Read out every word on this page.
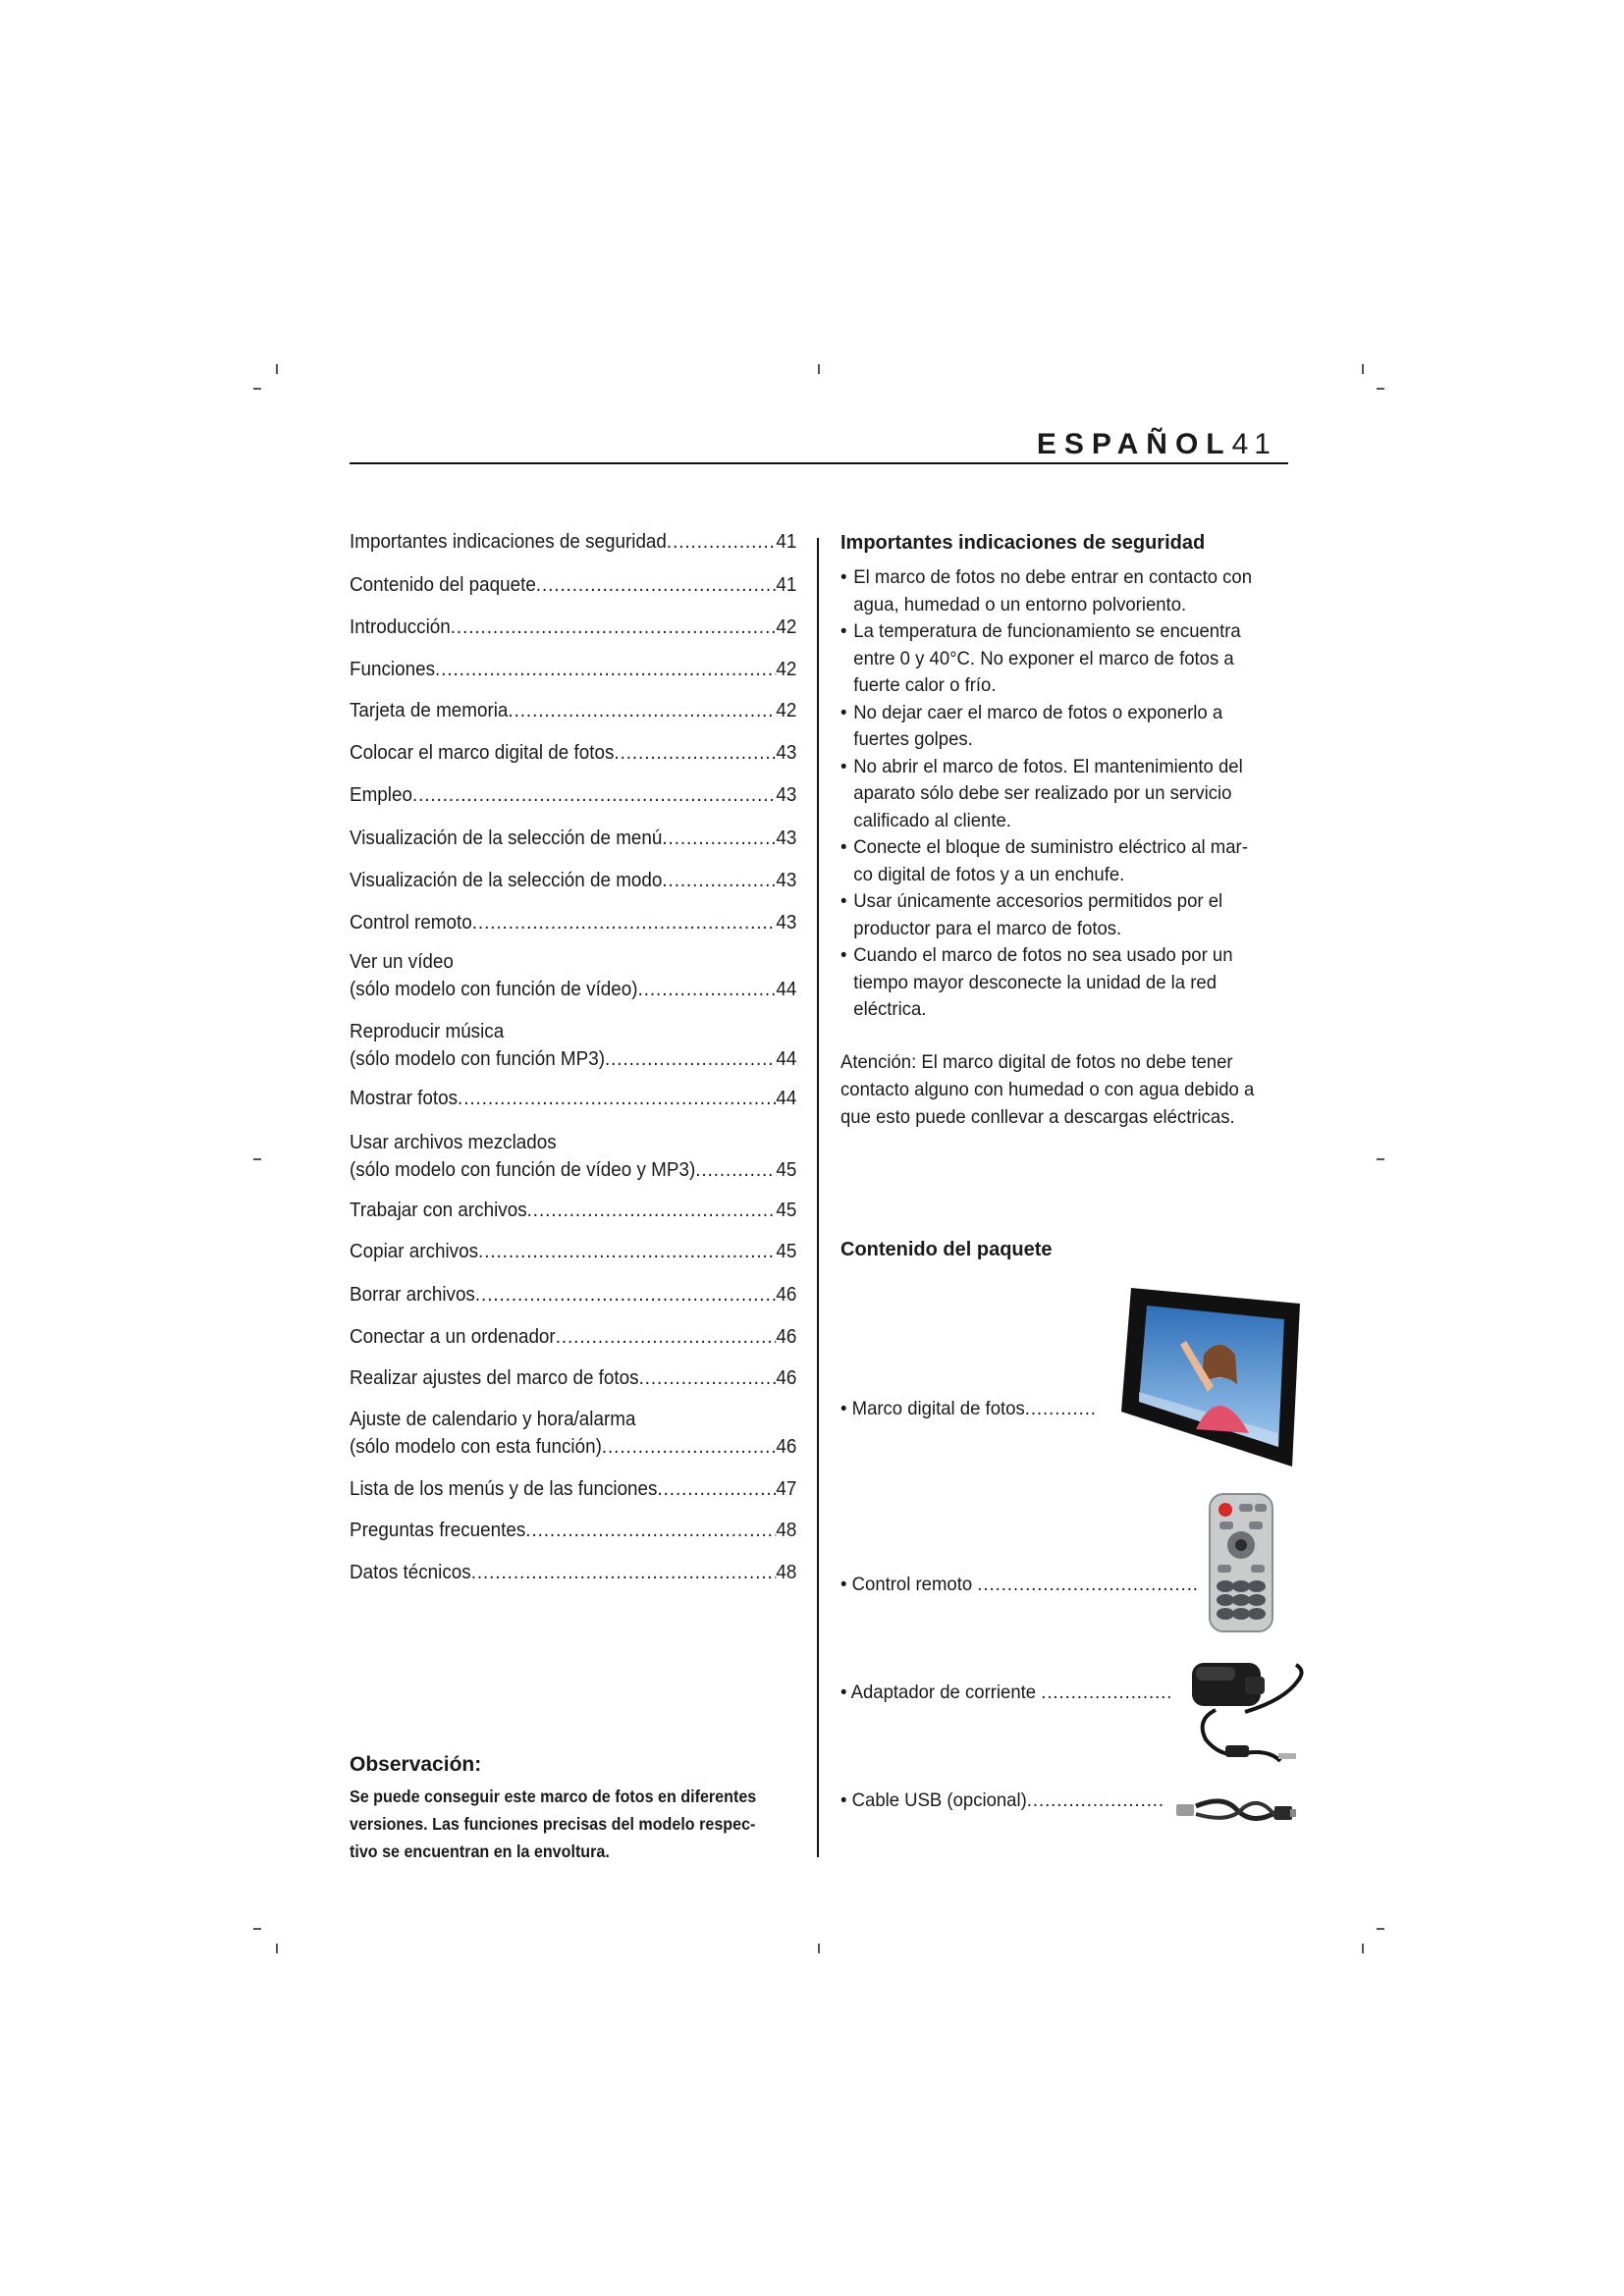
ESPAÑOL41
Importantes indicaciones de seguridad .....	41
Contenido del paquete .....	41
Introducción .....	42
Funciones .....	42
Tarjeta de memoria .....	42
Colocar el marco digital de fotos .....	43
Empleo .....	43
Visualización de la selección de menú .....	43
Visualización de la selección de modo .....	43
Control remoto .....	43
Ver un vídeo
(sólo modelo con función de vídeo) .....	44
Reproducir música
(sólo modelo con función MP3) .....	44
Mostrar fotos .....	44
Usar archivos mezclados
(sólo modelo con función de vídeo y MP3) .....	45
Trabajar con archivos .....	45
Copiar archivos .....	45
Borrar archivos .....	46
Conectar a un ordenador .....	46
Realizar ajustes del marco de fotos .....	46
Ajuste de calendario y hora/alarma
(sólo modelo con esta función) .....	46
Lista de los menús y de las funciones .....	47
Preguntas frecuentes .....	48
Datos técnicos .....	48
Observación:
Se puede conseguir este marco de fotos en diferentes
versiones. Las funciones precisas del modelo respec-
tivo se encuentran en la envoltura.
Importantes indicaciones de seguridad
• El marco de fotos no debe entrar en contacto con
agua, humedad o un entorno polvoriento.
• La temperatura de funcionamiento se encuentra
entre 0 y 40°C. No exponer el marco de fotos a
fuerte calor o frío.
• No dejar caer el marco de fotos o exponerlo a
fuertes golpes.
• No abrir el marco de fotos. El mantenimiento del
aparato sólo debe ser realizado por un servicio
calificado al cliente.
• Conecte el bloque de suministro eléctrico al mar-
co digital de fotos y a un enchufe.
• Usar únicamente accesorios permitidos por el
productor para el marco de fotos.
• Cuando el marco de fotos no sea usado por un
tiempo mayor desconecte la unidad de la red
eléctrica.
Atención: El marco digital de fotos no debe tener
contacto alguno con humedad o con agua debido a
que esto puede conllevar a descargas eléctricas.
Contenido del paquete
• Marco digital de fotos............
• Control remoto .....................................
• Adaptador de corriente ......................
• Cable USB (opcional).......................
